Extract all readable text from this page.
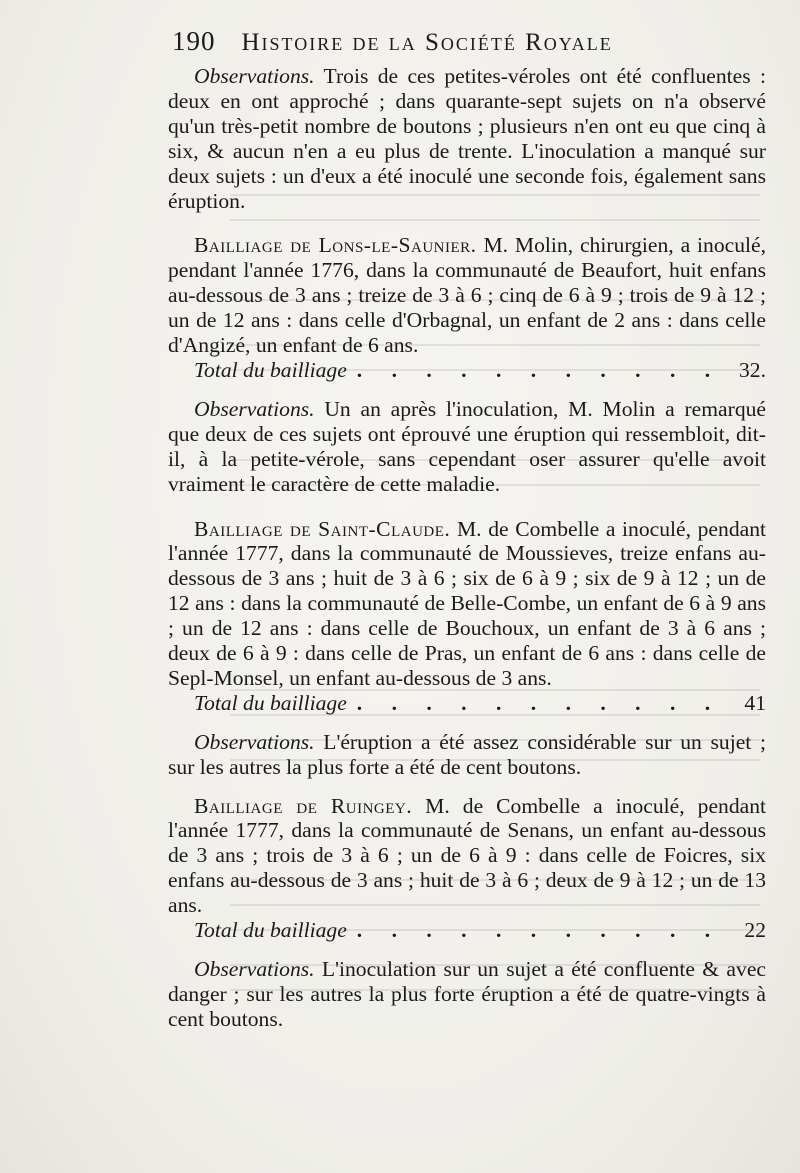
190 Histoire de la Société Royale

Observations. Trois de ces petites-véroles ont été confluentes : deux en ont approché ; dans quarante-sept sujets on n'a observé qu'un très-petit nombre de boutons ; plusieurs n'en ont eu que cinq à six, & aucun n'en a eu plus de trente. L'inoculation a manqué sur deux sujets : un d'eux a été inoculé une seconde fois, également sans éruption.

Bailliage de Lons-le-Saunier. M. Molin, chirurgien, a inoculé, pendant l'année 1776, dans la communauté de Beaufort, huit enfans au-dessous de 3 ans ; treize de 3 à 6 ; cinq de 6 à 9 ; trois de 9 à 12 ; un de 12 ans : dans celle d'Orbagnal, un enfant de 2 ans : dans celle d'Angizé, un enfant de 6 ans.

Total du bailliage . . .	32.

Observations. Un an après l'inoculation, M. Molin a remarqué que deux de ces sujets ont éprouvé une éruption qui ressembloit, dit-il, à la petite-vérole, sans cependant oser assurer qu'elle avoit vraiment le caractère de cette maladie.

Bailliage de Saint-Claude. M. de Combelle a inoculé, pendant l'année 1777, dans la communauté de Moussieves, treize enfans au-dessous de 3 ans ; huit de 3 à 6 ; six de 6 à 9 ; six de 9 à 12 ; un de 12 ans : dans la communauté de Belle-Combe, un enfant de 6 à 9 ans ; un de 12 ans : dans celle de Bouchoux, un enfant de 3 à 6 ans ; deux de 6 à 9 : dans celle de Pras, un enfant de 6 ans : dans celle de Sepl-Monsel, un enfant au-dessous de 3 ans.

Total du bailliage . . .	41

Observations. L'éruption a été assez considérable sur un sujet ; sur les autres la plus forte a été de cent boutons.

Bailliage de Ruingey. M. de Combelle a inoculé, pendant l'année 1777, dans la communauté de Senans, un enfant au-dessous de 3 ans ; trois de 3 à 6 ; un de 6 à 9 : dans celle de Foicres, six enfans au-dessous de 3 ans ; huit de 3 à 6 ; deux de 9 à 12 ; un de 13 ans.

Total du bailliage . . .	22

Observations. L'inoculation sur un sujet a été confluente & avec danger ; sur les autres la plus forte éruption a été de quatre-vingts à cent boutons.
